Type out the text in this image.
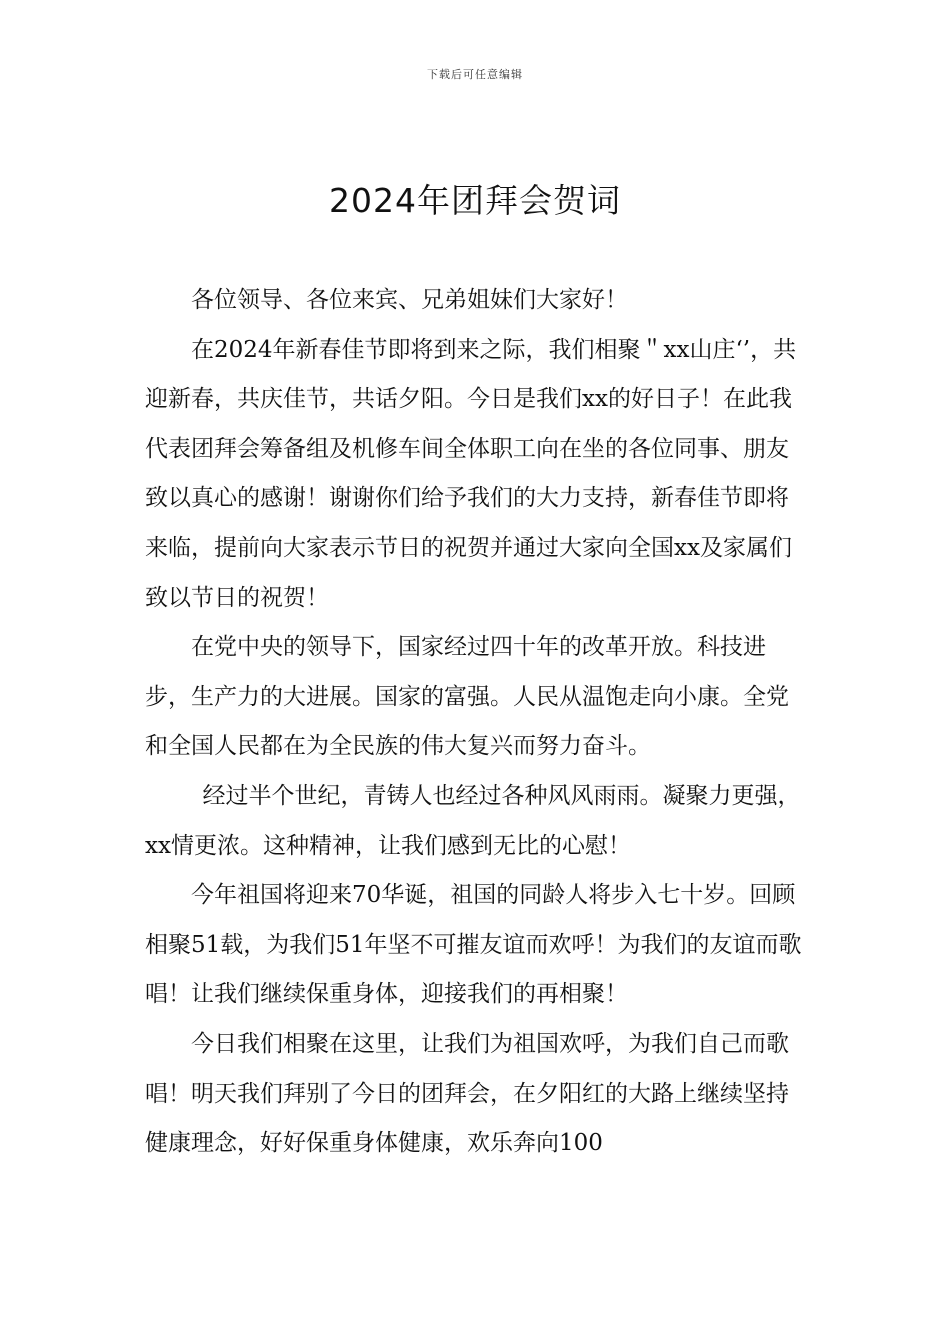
下载后可任意编辑
2024年团拜会贺词

各位领导、各位来宾、兄弟姐妹们大家好！

在2024年新春佳节即将到来之际，我们相聚＂xx山庄‘’，共迎新春，共庆佳节，共话夕阳。今日是我们xx的好日子！在此我代表团拜会筹备组及机修车间全体职工向在坐的各位同事、朋友致以真心的感谢！谢谢你们给予我们的大力支持，新春佳节即将来临，提前向大家表示节日的祝贺并通过大家向全国xx及家属们致以节日的祝贺！

在党中央的领导下，国家经过四十年的改革开放。科技进步，生产力的大进展。国家的富强。人民从温饱走向小康。全党和全国人民都在为全民族的伟大复兴而努力奋斗。

经过半个世纪，青铸人也经过各种风风雨雨。凝聚力更强，xx情更浓。这种精神，让我们感到无比的心慰！

今年祖国将迎来70华诞，祖国的同龄人将步入七十岁。回顾相聚51载，为我们51年坚不可摧友谊而欢呼！为我们的友谊而歌唱！让我们继续保重身体，迎接我们的再相聚！

今日我们相聚在这里，让我们为祖国欢呼，为我们自己而歌唱！明天我们拜别了今日的团拜会，在夕阳红的大路上继续坚持健康理念，好好保重身体健康，欢乐奔向100
